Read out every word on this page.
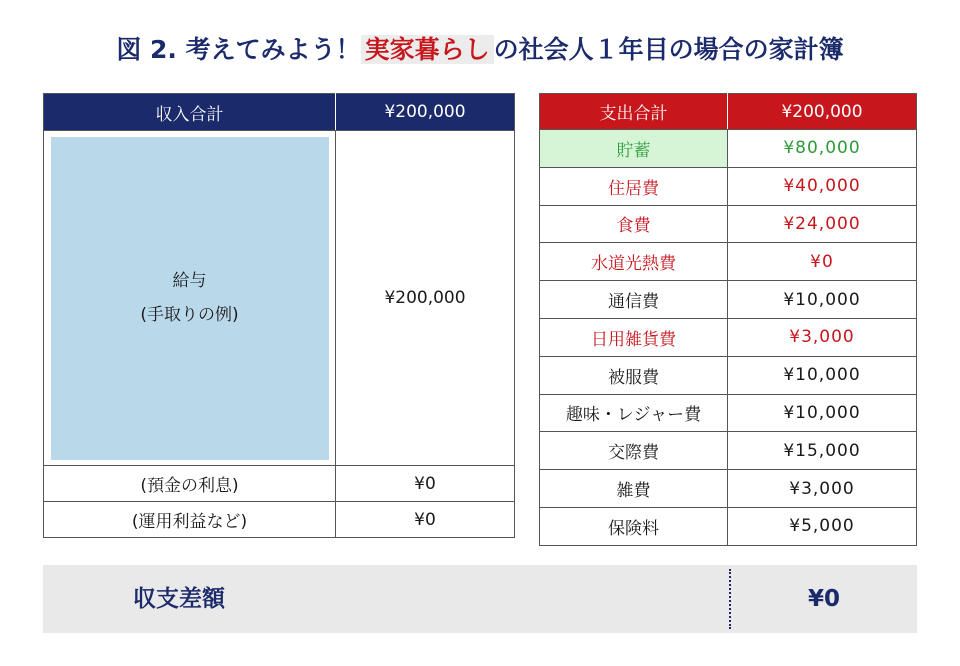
図 2. 考えてみよう！ 実家暮らし の社会人１年目の場合の家計簿
収入合計	¥200,000

給与
(手取りの例)	¥200,000
(預金の利息)	¥0
(運用利益など)	¥0
支出合計	¥200,000
貯蓄	¥80,000
住居費	¥40,000
食費	¥24,000
水道光熱費	¥0
通信費	¥10,000
日用雑貨費	¥3,000
被服費	¥10,000
趣味・レジャー費	¥10,000
交際費	¥15,000
雑費	¥3,000
保険料	¥5,000
収支差額	¥0
